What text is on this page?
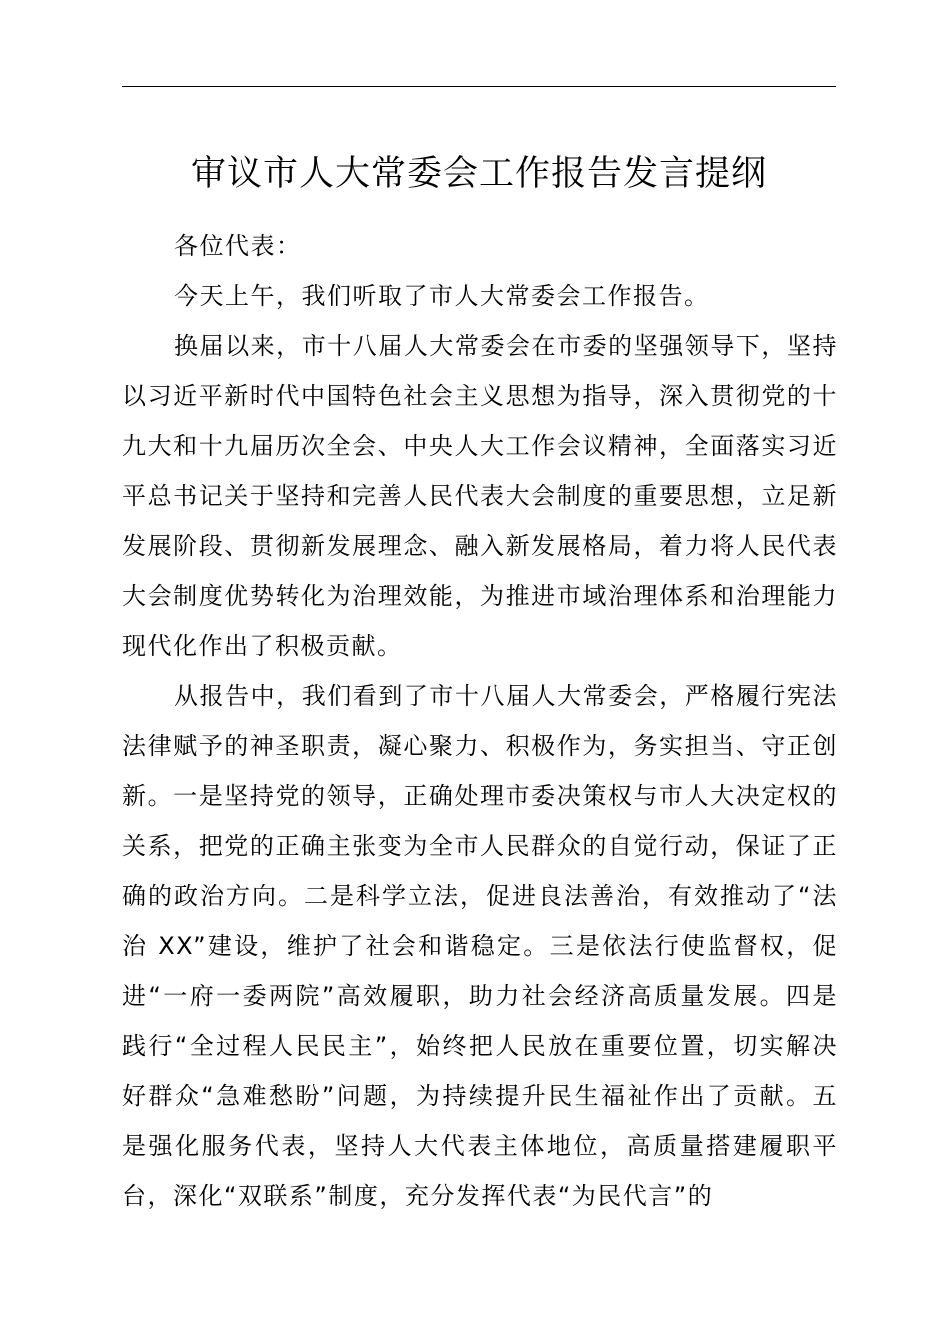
审议市人大常委会工作报告发言提纲

各位代表：

今天上午，我们听取了市人大常委会工作报告。

换届以来，市十八届人大常委会在市委的坚强领导下，坚持以习近平新时代中国特色社会主义思想为指导，深入贯彻党的十九大和十九届历次全会、中央人大工作会议精神，全面落实习近平总书记关于坚持和完善人民代表大会制度的重要思想，立足新发展阶段、贯彻新发展理念、融入新发展格局，着力将人民代表大会制度优势转化为治理效能，为推进市域治理体系和治理能力现代化作出了积极贡献。

从报告中，我们看到了市十八届人大常委会，严格履行宪法法律赋予的神圣职责，凝心聚力、积极作为，务实担当、守正创新。一是坚持党的领导，正确处理市委决策权与市人大决定权的关系，把党的正确主张变为全市人民群众的自觉行动，保证了正确的政治方向。二是科学立法，促进良法善治，有效推动了“法治 XX”建设，维护了社会和谐稳定。三是依法行使监督权，促进“一府一委两院”高效履职，助力社会经济高质量发展。四是践行“全过程人民民主”，始终把人民放在重要位置，切实解决好群众“急难愁盼”问题，为持续提升民生福祉作出了贡献。五是强化服务代表，坚持人大代表主体地位，高质量搭建履职平台，深化“双联系”制度，充分发挥代表“为民代言”的
